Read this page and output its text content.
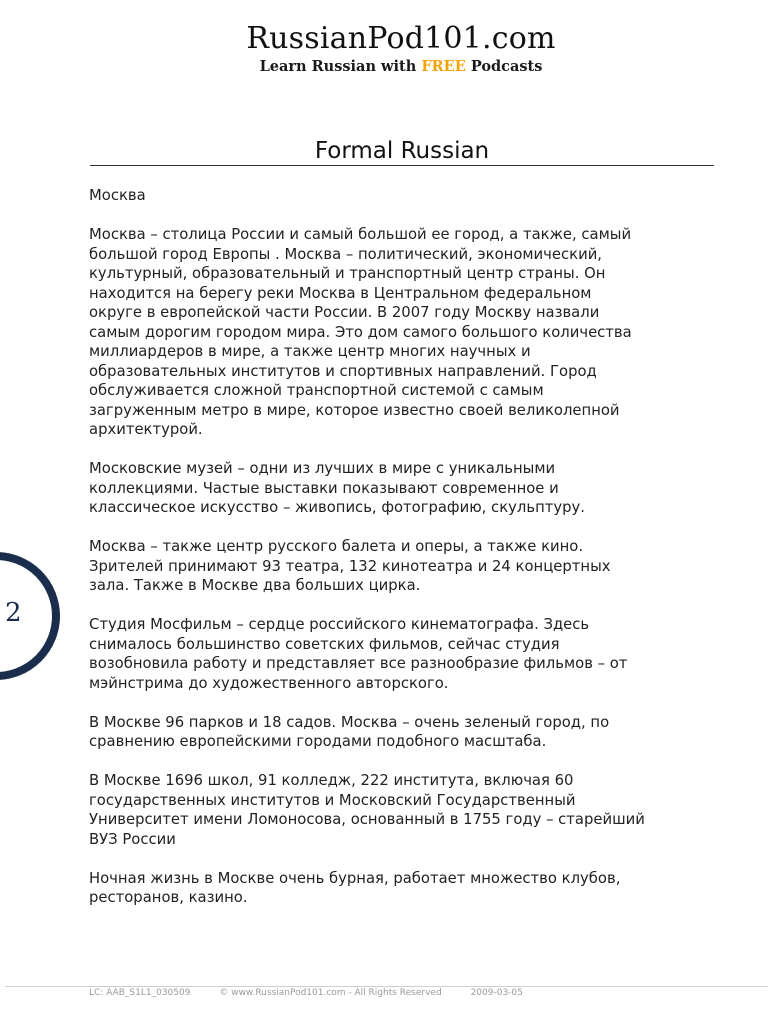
RussianPod101.com
Learn Russian with FREE Podcasts
Formal Russian

Москва

Москва – столица России и самый большой ее город, а также, самый большой город Европы . Москва – политический, экономический, культурный, образовательный и транспортный центр страны. Он находится на берегу реки Москва в Центральном федеральном округе в европейской части России. В 2007 году Москву назвали самым дорогим городом мира. Это дом самого большого количества миллиардеров в мире, а также центр многих научных и образовательных институтов и спортивных направлений. Город обслуживается сложной транспортной системой с самым загруженным метро в мире, которое известно своей великолепной архитектурой.

Московские музей – одни из лучших в мире с уникальными коллекциями. Частые выставки показывают современное и классическое искусство – живопись, фотографию, скульптуру.

Москва – также центр русского балета и оперы, а также кино. Зрителей принимают 93 театра, 132 кинотеатра и 24 концертных зала. Также в Москве два больших цирка.

Студия Мосфильм – сердце российского кинематографа. Здесь снималось большинство советских фильмов, сейчас студия возобновила работу и представляет все разнообразие фильмов – от мэйнстрима до художественного авторского.

В Москве 96 парков и 18 садов. Москва – очень зеленый город, по сравнению европейскими городами подобного масштаба.

В Москве 1696 школ, 91 колледж, 222 института, включая 60 государственных институтов и Московский Государственный Университет имени Ломоносова, основанный в 1755 году – старейший ВУЗ России

Ночная жизнь в Москве очень бурная, работает множество клубов, ресторанов, казино.

2
LC: AAB_S1L1_030509	© www.RussianPod101.com - All Rights Reserved	2009-03-05
